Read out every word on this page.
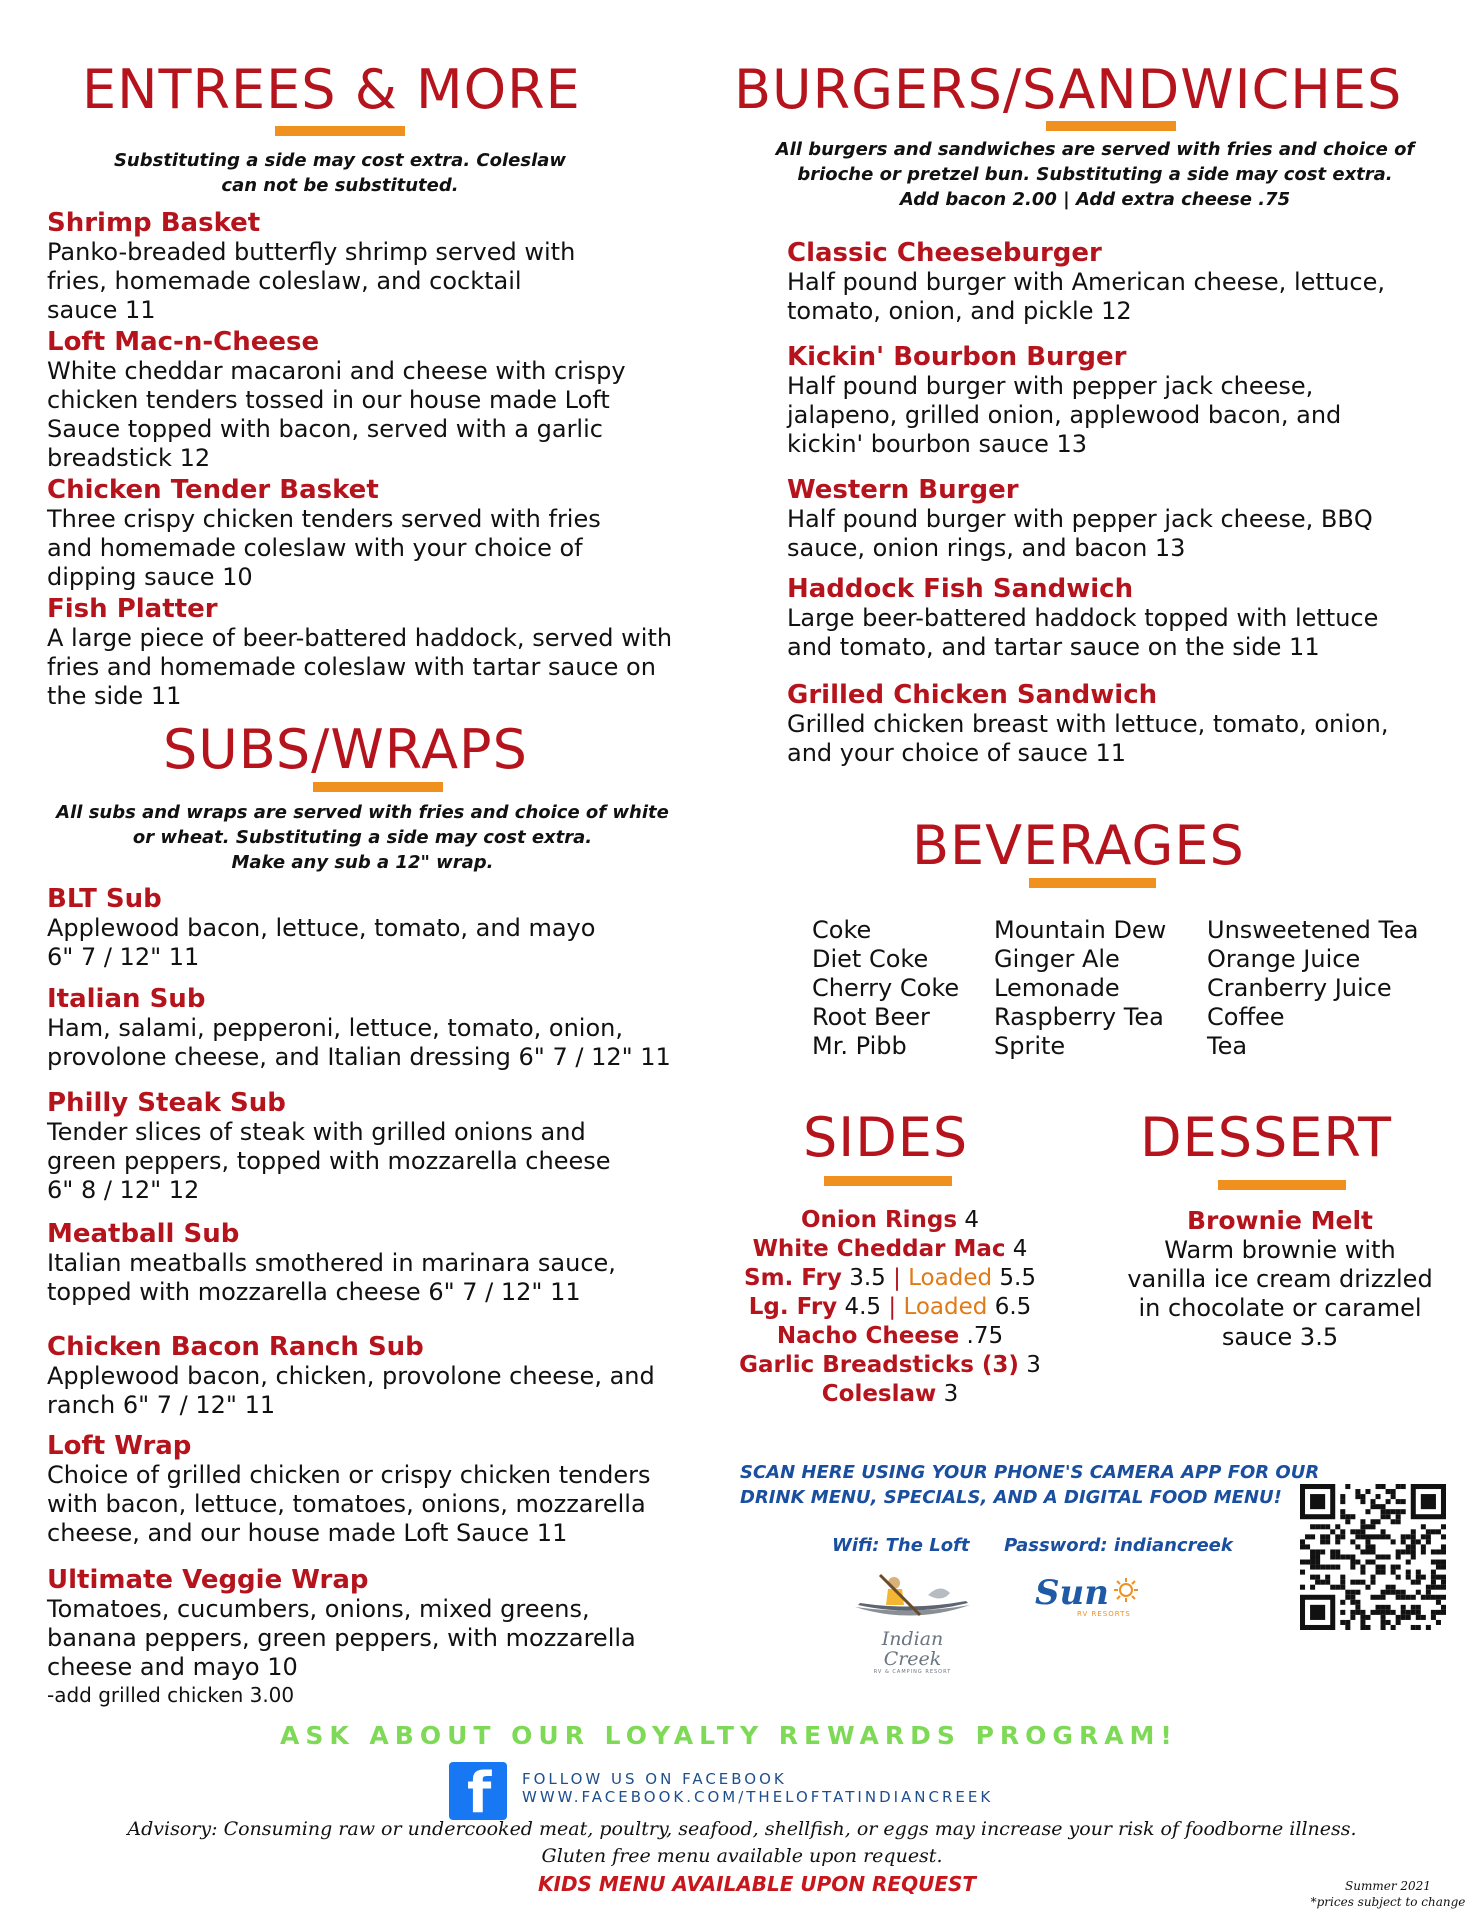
ENTREES & MORE
Substituting a side may cost extra. Coleslaw
can not be substituted.
Shrimp Basket
Panko-breaded butterfly shrimp served with
fries, homemade coleslaw, and cocktail
sauce 11
Loft Mac-n-Cheese
White cheddar macaroni and cheese with crispy
chicken tenders tossed in our house made Loft
Sauce topped with bacon, served with a garlic
breadstick 12
Chicken Tender Basket
Three crispy chicken tenders served with fries
and homemade coleslaw with your choice of
dipping sauce 10
Fish Platter
A large piece of beer-battered haddock, served with
fries and homemade coleslaw with tartar sauce on
the side 11
SUBS/WRAPS
All subs and wraps are served with fries and choice of white
or wheat. Substituting a side may cost extra.
Make any sub a 12" wrap.
BLT Sub
Applewood bacon, lettuce, tomato, and mayo
6" 7 / 12" 11
Italian Sub
Ham, salami, pepperoni, lettuce, tomato, onion,
provolone cheese, and Italian dressing 6" 7 / 12" 11
Philly Steak Sub
Tender slices of steak with grilled onions and
green peppers, topped with mozzarella cheese
6" 8 / 12" 12
Meatball Sub
Italian meatballs smothered in marinara sauce,
topped with mozzarella cheese 6" 7 / 12" 11
Chicken Bacon Ranch Sub
Applewood bacon, chicken, provolone cheese, and
ranch 6" 7 / 12" 11
Loft Wrap
Choice of grilled chicken or crispy chicken tenders
with bacon, lettuce, tomatoes, onions, mozzarella
cheese, and our house made Loft Sauce 11
Ultimate Veggie Wrap
Tomatoes, cucumbers, onions, mixed greens,
banana peppers, green peppers, with mozzarella
cheese and mayo 10
-add grilled chicken 3.00
BURGERS/SANDWICHES
All burgers and sandwiches are served with fries and choice of
brioche or pretzel bun. Substituting a side may cost extra.
Add bacon 2.00 | Add extra cheese .75
Classic Cheeseburger
Half pound burger with American cheese, lettuce,
tomato, onion, and pickle 12
Kickin' Bourbon Burger
Half pound burger with pepper jack cheese,
jalapeno, grilled onion, applewood bacon, and
kickin' bourbon sauce 13
Western Burger
Half pound burger with pepper jack cheese, BBQ
sauce, onion rings, and bacon 13
Haddock Fish Sandwich
Large beer-battered haddock topped with lettuce
and tomato, and tartar sauce on the side 11
Grilled Chicken Sandwich
Grilled chicken breast with lettuce, tomato, onion,
and your choice of sauce 11
BEVERAGES
Coke
Diet Coke
Cherry Coke
Root Beer
Mr. Pibb
Mountain Dew
Ginger Ale
Lemonade
Raspberry Tea
Sprite
Unsweetened Tea
Orange Juice
Cranberry Juice
Coffee
Tea
SIDES
Onion Rings 4
White Cheddar Mac 4
Sm. Fry 3.5 | Loaded 5.5
Lg. Fry 4.5 | Loaded 6.5
Nacho Cheese .75
Garlic Breadsticks (3) 3
Coleslaw 3
DESSERT
Brownie Melt
Warm brownie with
vanilla ice cream drizzled
in chocolate or caramel
sauce 3.5
SCAN HERE USING YOUR PHONE'S CAMERA APP FOR OUR
DRINK MENU, SPECIALS, AND A DIGITAL FOOD MENU!
Wifi: The Loft Password: indiancreek
Indian Creek
RV & CAMPING RESORT
Sun
RV RESORTS
ASK ABOUT OUR LOYALTY REWARDS PROGRAM!
f FOLLOW US ON FACEBOOK
WWW.FACEBOOK.COM/THELOFTATINDIANCREEK
Advisory: Consuming raw or undercooked meat, poultry, seafood, shellfish, or eggs may increase your risk of foodborne illness.
Gluten free menu available upon request.
KIDS MENU AVAILABLE UPON REQUEST	Summer 2021
*prices subject to change
